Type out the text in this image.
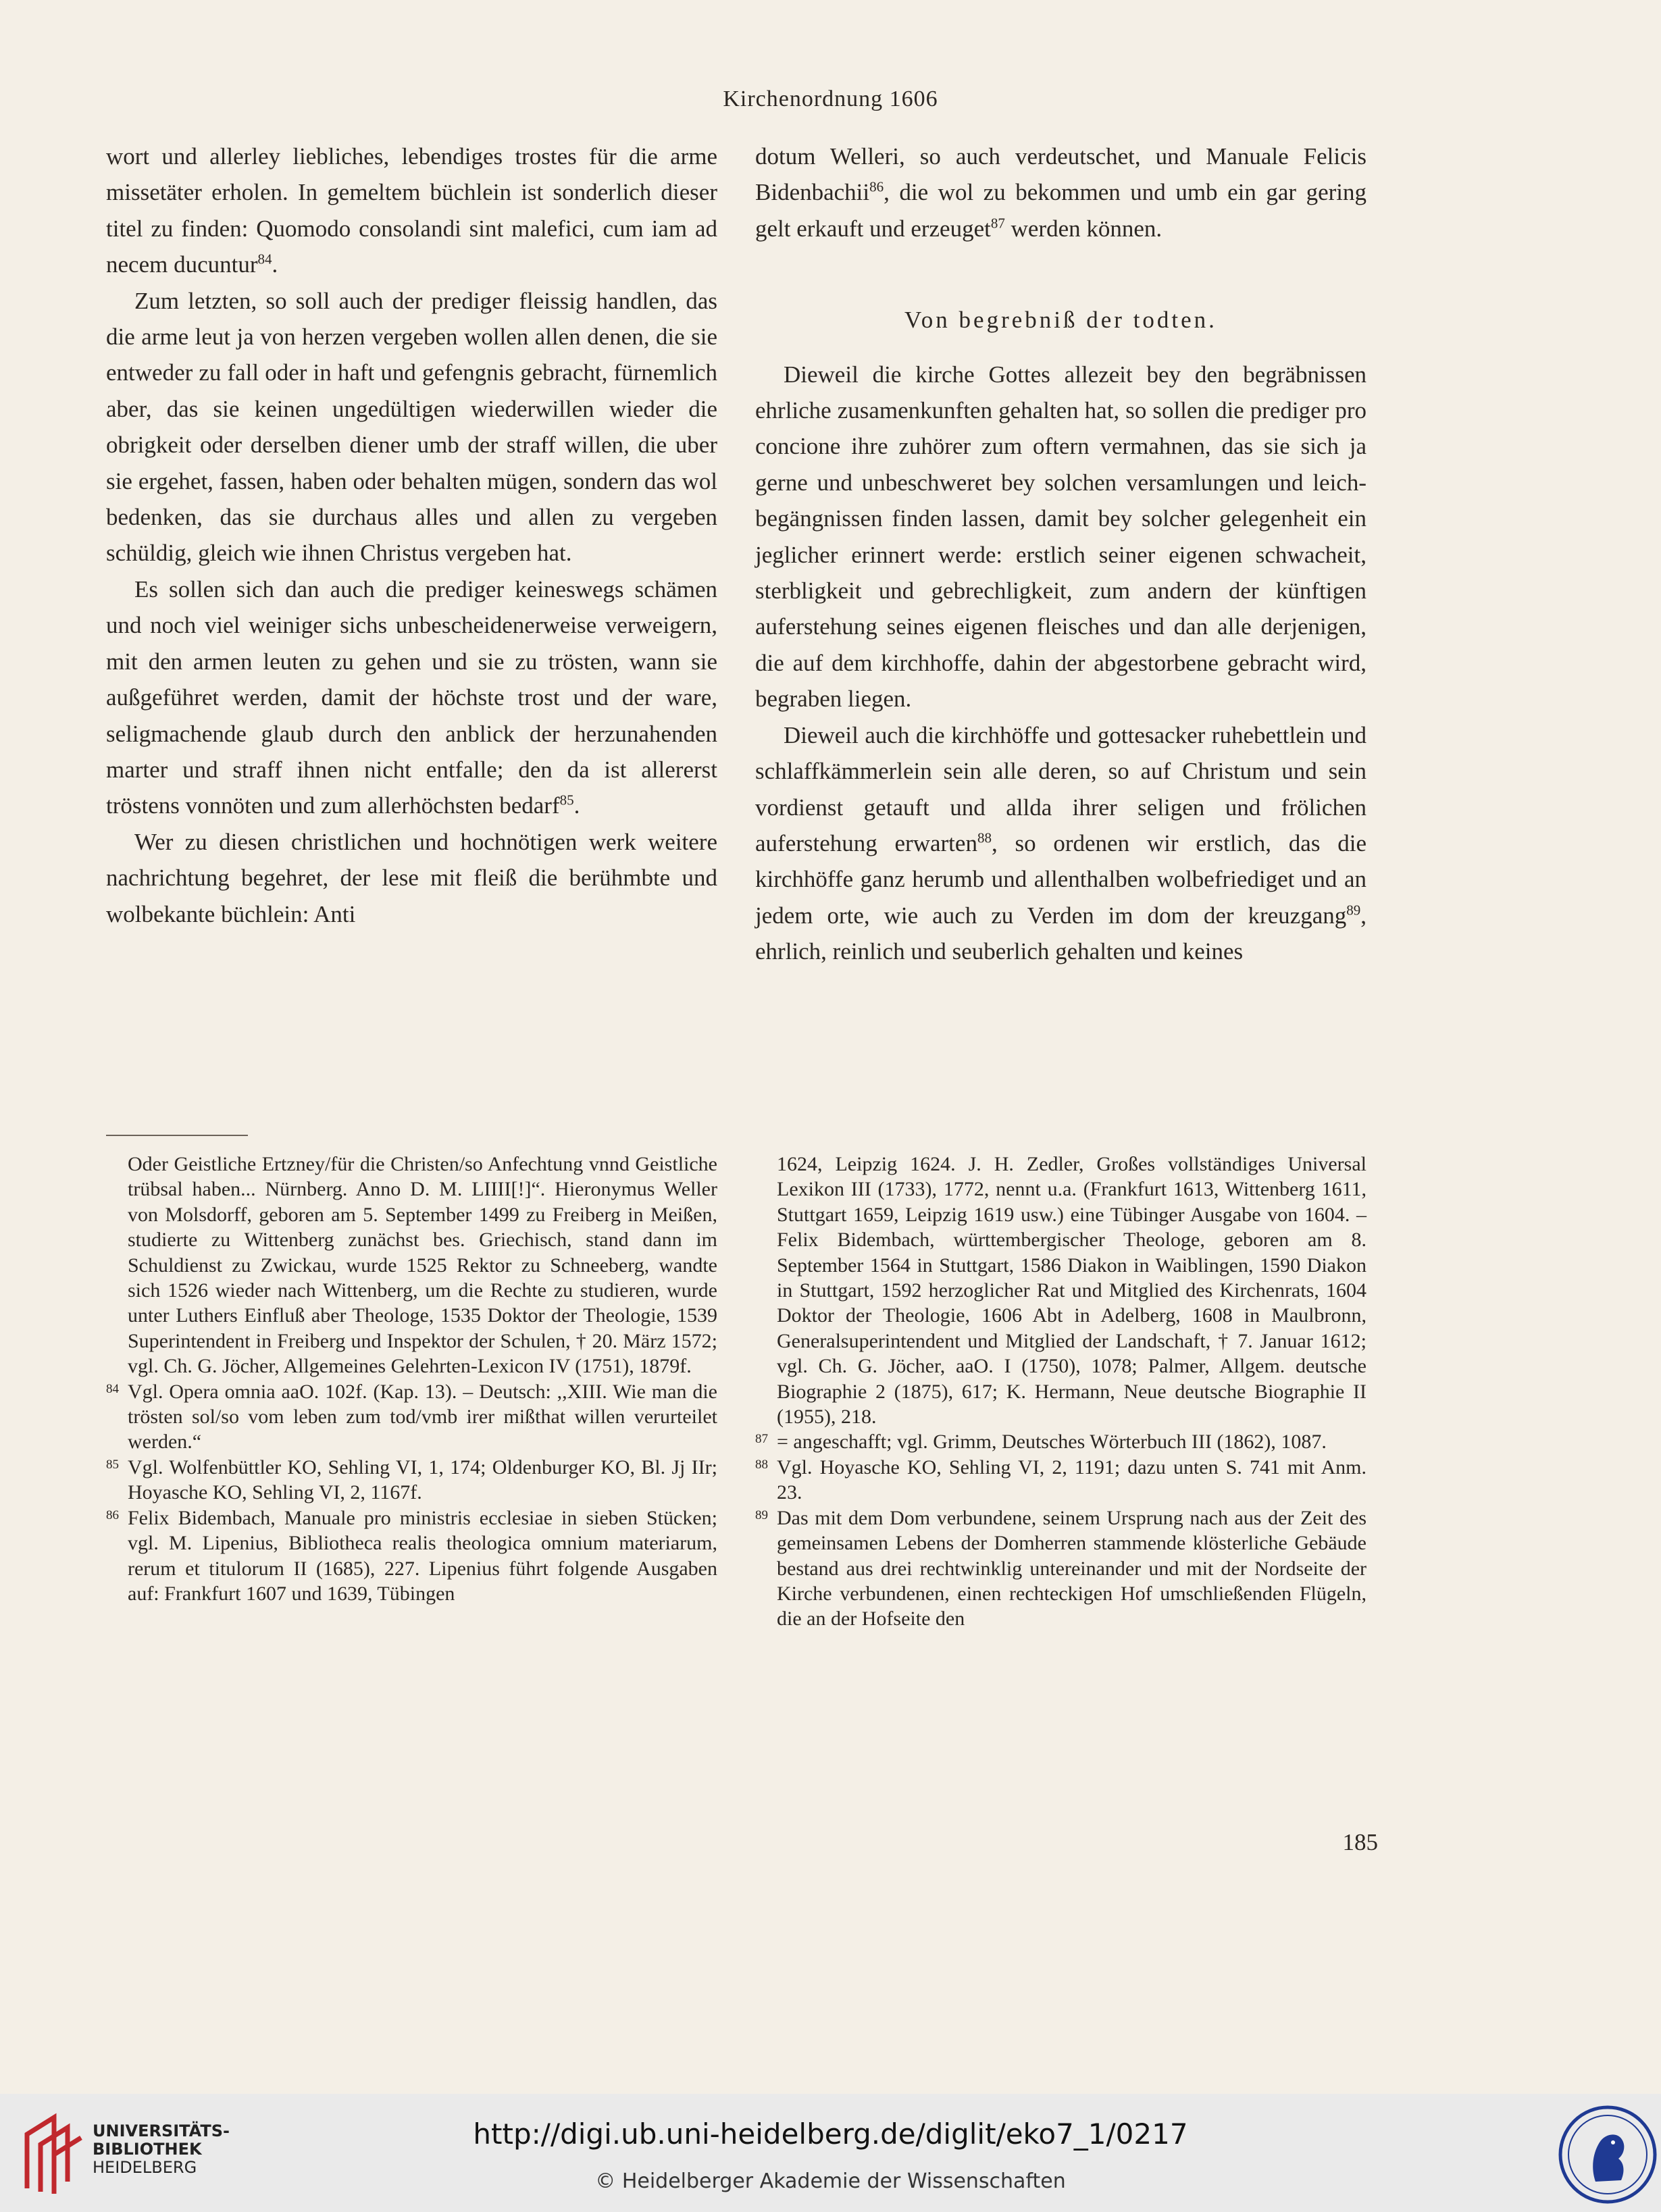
Kirchenordnung 1606

wort und allerley liebliches, lebendiges trostes für die arme missetäter erholen. In gemeltem büchlein ist sonderlich dieser titel zu finden: Quomodo consolandi sint malefici, cum iam ad necem ducuntur$^{84}$.

Zum letzten, so soll auch der prediger fleissig handlen, das die arme leut ja von herzen vergeben wollen allen denen, die sie entweder zu fall oder in haft und gefengnis gebracht, fürnemlich aber, das sie keinen ungedültigen wiederwillen wieder die obrigkeit oder derselben diener umb der straff willen, die uber sie ergehet, fassen, haben oder behalten mügen, sondern das wol bedenken, das sie durchaus alles und allen zu vergeben schüldig, gleich wie ihnen Christus vergeben hat.

Es sollen sich dan auch die prediger keineswegs schämen und noch viel weiniger sichs unbescheidenerweise verweigern, mit den armen leuten zu gehen und sie zu trösten, wann sie außgeführet werden, damit der höchste trost und der ware, seligmachende glaub durch den anblick der herzunahenden marter und straff ihnen nicht entfalle; den da ist allererst tröstens vonnöten und zum allerhöchsten bedarf$^{85}$.

Wer zu diesen christlichen und hochnötigen werk weitere nachrichtung begehret, der lese mit fleiß die berühmbte und wolbekante büchlein: Anti

dotum Welleri, so auch verdeutschet, und Manuale Felicis Bidenbachii$^{86}$, die wol zu bekommen und umb ein gar gering gelt erkauft und erzeuget$^{87}$ werden können.

Von begrebniß der todten.

Dieweil die kirche Gottes allezeit bey den begräbnissen ehrliche zusamenkunften gehalten hat, so sollen die prediger pro concione ihre zuhörer zum oftern vermahnen, das sie sich ja gerne und unbeschweret bey solchen versamlungen und leichbegängnissen finden lassen, damit bey solcher gelegenheit ein jeglicher erinnert werde: erstlich seiner eigenen schwacheit, sterbligkeit und gebrechligkeit, zum andern der künftigen auferstehung seines eigenen fleisches und dan alle derjenigen, die auf dem kirchhoffe, dahin der abgestorbene gebracht wird, begraben liegen.

Dieweil auch die kirchhöffe und gottesacker ruhebettlein und schlaffkämmerlein sein alle deren, so auf Christum und sein vordienst getauft und allda ihrer seligen und frölichen auferstehung erwarten$^{88}$, so ordenen wir erstlich, das die kirchhöffe ganz herumb und allenthalben wolbefriediget und an jedem orte, wie auch zu Verden im dom der kreuzgang$^{89}$, ehrlich, reinlich und seuberlich gehalten und keines

Oder Geistliche Ertzney/für die Christen/so Anfechtung vnnd Geistliche trübsal haben... Nürnberg. Anno D. M. LIIII[!]“. Hieronymus Weller von Molsdorff, geboren am 5. September 1499 zu Freiberg in Meißen, studierte zu Wittenberg zunächst bes. Griechisch, stand dann im Schuldienst zu Zwickau, wurde 1525 Rektor zu Schneeberg, wandte sich 1526 wieder nach Wittenberg, um die Rechte zu studieren, wurde unter Luthers Einfluß aber Theologe, 1535 Doktor der Theologie, 1539 Superintendent in Freiberg und Inspektor der Schulen, † 20. März 1572; vgl. Ch. G. Jöcher, Allgemeines Gelehrten-Lexicon IV (1751), 1879f.

84 Vgl. Opera omnia aaO. 102f. (Kap. 13). – Deutsch: ,,XIII. Wie man die trösten sol/so vom leben zum tod/vmb irer mißthat willen verurteilet werden.“

85 Vgl. Wolfenbüttler KO, Sehling VI, 1, 174; Oldenburger KO, Bl. Jj IIr; Hoyasche KO, Sehling VI, 2, 1167f.

86 Felix Bidembach, Manuale pro ministris ecclesiae in sieben Stücken; vgl. M. Lipenius, Bibliotheca realis theologica omnium materiarum, rerum et titulorum II (1685), 227. Lipenius führt folgende Ausgaben auf: Frankfurt 1607 und 1639, Tübingen

1624, Leipzig 1624. J. H. Zedler, Großes vollständiges Universal Lexikon III (1733), 1772, nennt u.a. (Frankfurt 1613, Wittenberg 1611, Stuttgart 1659, Leipzig 1619 usw.) eine Tübinger Ausgabe von 1604. – Felix Bidembach, württembergischer Theologe, geboren am 8. September 1564 in Stuttgart, 1586 Diakon in Waiblingen, 1590 Diakon in Stuttgart, 1592 herzoglicher Rat und Mitglied des Kirchenrats, 1604 Doktor der Theologie, 1606 Abt in Adelberg, 1608 in Maulbronn, Generalsuperintendent und Mitglied der Landschaft, † 7. Januar 1612; vgl. Ch. G. Jöcher, aaO. I (1750), 1078; Palmer, Allgem. deutsche Biographie 2 (1875), 617; K. Hermann, Neue deutsche Biographie II (1955), 218.

87 = angeschafft; vgl. Grimm, Deutsches Wörterbuch III (1862), 1087.

88 Vgl. Hoyasche KO, Sehling VI, 2, 1191; dazu unten S. 741 mit Anm. 23.

89 Das mit dem Dom verbundene, seinem Ursprung nach aus der Zeit des gemeinsamen Lebens der Domherren stammende klösterliche Gebäude bestand aus drei rechtwinklig untereinander und mit der Nordseite der Kirche verbundenen, einen rechteckigen Hof umschließenden Flügeln, die an der Hofseite den

185
UNIVERSITÄTS-
BIBLIOTHEK
HEIDELBERG
http://digi.ub.uni-heidelberg.de/diglit/eko7_1/0217
© Heidelberger Akademie der Wissenschaften
